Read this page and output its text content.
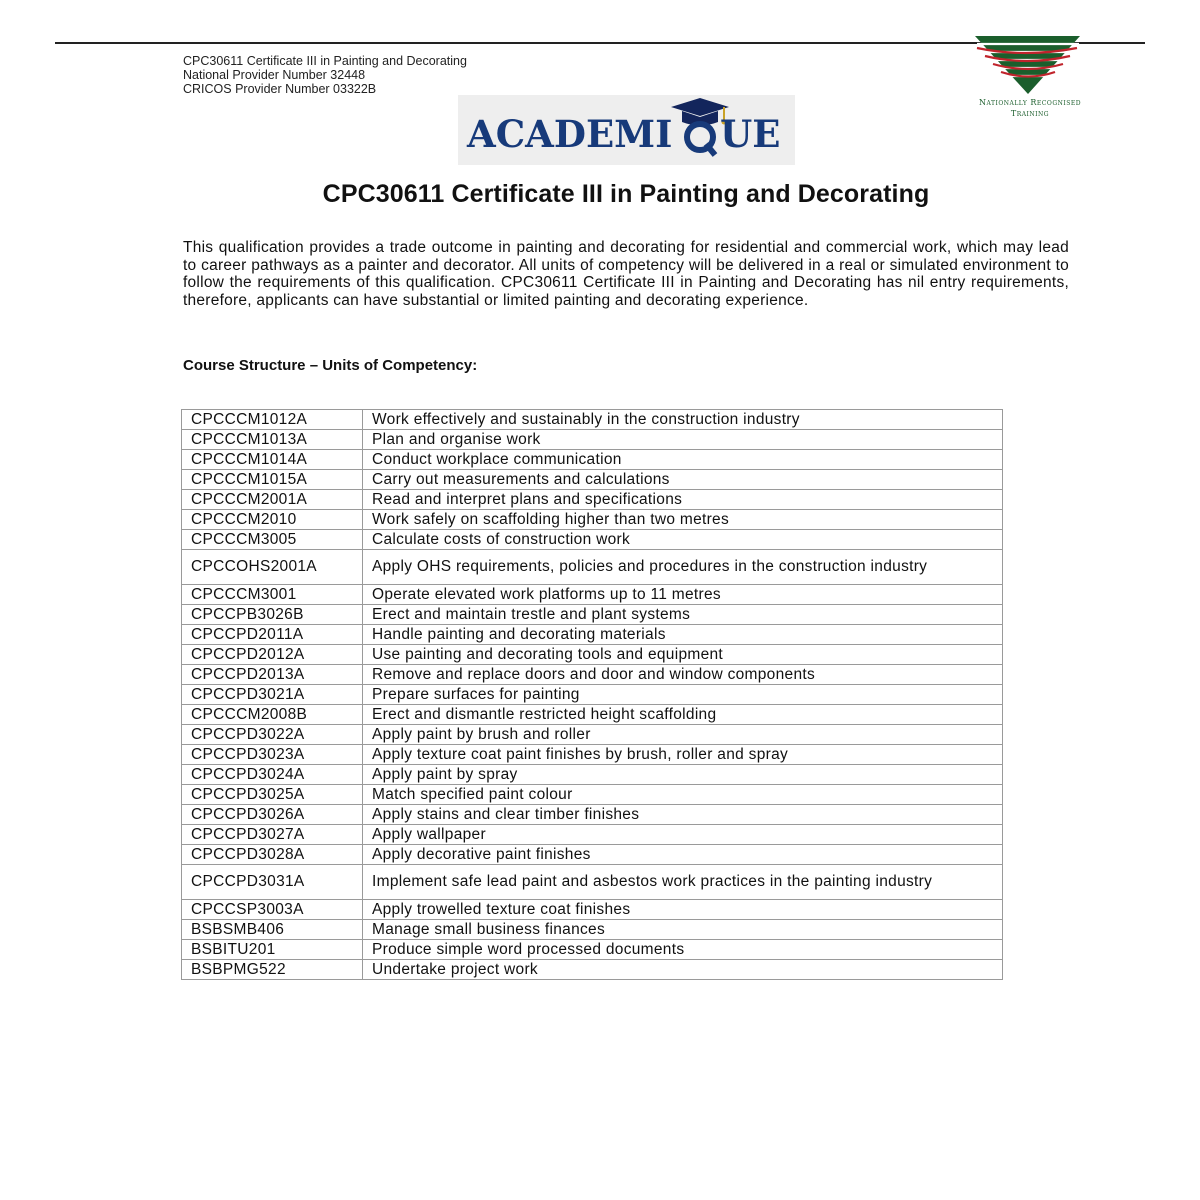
CPC30611 Certificate III in Painting and Decorating
National Provider Number 32448
CRICOS Provider Number 03322B
ACADEMI UE
Nationally Recognised
Training
CPC30611 Certificate III in Painting and Decorating

This qualification provides a trade outcome in painting and decorating for residential and commercial work, which may lead to career pathways as a painter and decorator. All units of competency will be delivered in a real or simulated environment to follow the requirements of this qualification. CPC30611 Certificate III in Painting and Decorating has nil entry requirements, therefore, applicants can have substantial or limited painting and decorating experience.

Course Structure – Units of Competency:

CPCCCM1012A	Work effectively and sustainably in the construction industry
CPCCCM1013A	Plan and organise work
CPCCCM1014A	Conduct workplace communication
CPCCCM1015A	Carry out measurements and calculations
CPCCCM2001A	Read and interpret plans and specifications
CPCCCM2010	Work safely on scaffolding higher than two metres
CPCCCM3005	Calculate costs of construction work
CPCCOHS2001A	Apply OHS requirements, policies and procedures in the construction industry
CPCCCM3001	Operate elevated work platforms up to 11 metres
CPCCPB3026B	Erect and maintain trestle and plant systems
CPCCPD2011A	Handle painting and decorating materials
CPCCPD2012A	Use painting and decorating tools and equipment
CPCCPD2013A	Remove and replace doors and door and window components
CPCCPD3021A	Prepare surfaces for painting
CPCCCM2008B	Erect and dismantle restricted height scaffolding
CPCCPD3022A	Apply paint by brush and roller
CPCCPD3023A	Apply texture coat paint finishes by brush, roller and spray
CPCCPD3024A	Apply paint by spray
CPCCPD3025A	Match specified paint colour
CPCCPD3026A	Apply stains and clear timber finishes
CPCCPD3027A	Apply wallpaper
CPCCPD3028A	Apply decorative paint finishes
CPCCPD3031A	Implement safe lead paint and asbestos work practices in the painting industry
CPCCSP3003A	Apply trowelled texture coat finishes
BSBSMB406	Manage small business finances
BSBITU201	Produce simple word processed documents
BSBPMG522	Undertake project work
